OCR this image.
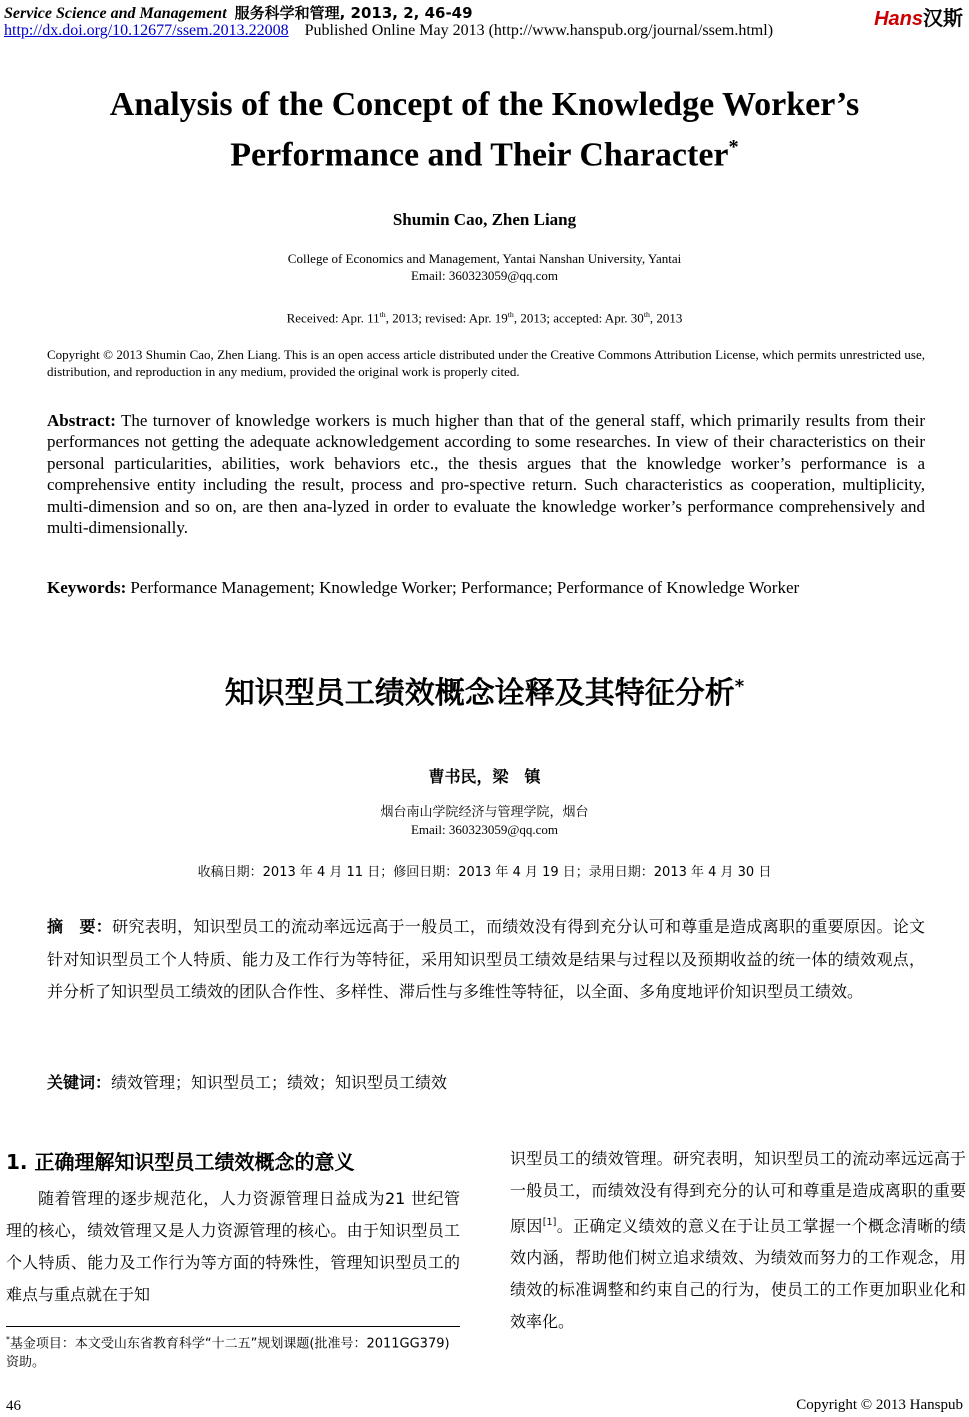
Service Science and Management 服务科学和管理, 2013, 2, 46-49
http://dx.doi.org/10.12677/ssem.2013.22008 Published Online May 2013 (http://www.hanspub.org/journal/ssem.html)
Hans汉斯
Analysis of the Concept of the Knowledge Worker’s
Performance and Their Character*
Shumin Cao, Zhen Liang
College of Economics and Management, Yantai Nanshan University, Yantai
Email: 360323059@qq.com
Received: Apr. 11th, 2013; revised: Apr. 19th, 2013; accepted: Apr. 30th, 2013
Copyright © 2013 Shumin Cao, Zhen Liang. This is an open access article distributed under the Creative Commons Attribution License, which permits unrestricted use, distribution, and reproduction in any medium, provided the original work is properly cited.
Abstract: The turnover of knowledge workers is much higher than that of the general staff, which primarily results from their performances not getting the adequate acknowledgement according to some researches. In view of their characteristics on their personal particularities, abilities, work behaviors etc., the thesis argues that the knowledge worker’s performance is a comprehensive entity including the result, process and pro-spective return. Such characteristics as cooperation, multiplicity, multi-dimension and so on, are then ana-lyzed in order to evaluate the knowledge worker’s performance comprehensively and multi-dimensionally.
Keywords: Performance Management; Knowledge Worker; Performance; Performance of Knowledge Worker
知识型员工绩效概念诠释及其特征分析*
曹书民，梁　镇
烟台南山学院经济与管理学院，烟台
Email: 360323059@qq.com
收稿日期：2013 年 4 月 11 日；修回日期：2013 年 4 月 19 日；录用日期：2013 年 4 月 30 日
摘　要：研究表明，知识型员工的流动率远远高于一般员工，而绩效没有得到充分认可和尊重是造成离职的重要原因。论文针对知识型员工个人特质、能力及工作行为等特征，采用知识型员工绩效是结果与过程以及预期收益的统一体的绩效观点，并分析了知识型员工绩效的团队合作性、多样性、滞后性与多维性等特征，以全面、多角度地评价知识型员工绩效。
关键词：绩效管理；知识型员工；绩效；知识型员工绩效
1. 正确理解知识型员工绩效概念的意义
随着管理的逐步规范化，人力资源管理日益成为21 世纪管理的核心，绩效管理又是人力资源管理的核心。由于知识型员工个人特质、能力及工作行为等方面的特殊性，管理知识型员工的难点与重点就在于知
*基金项目：本文受山东省教育科学“十二五”规划课题(批准号：2011GG379)资助。
识型员工的绩效管理。研究表明，知识型员工的流动率远远高于一般员工，而绩效没有得到充分的认可和尊重是造成离职的重要原因[1]。正确定义绩效的意义在于让员工掌握一个概念清晰的绩效内涵，帮助他们树立追求绩效、为绩效而努力的工作观念，用绩效的标准调整和约束自己的行为，使员工的工作更加职业化和效率化。
46	Copyright © 2013 Hanspub
